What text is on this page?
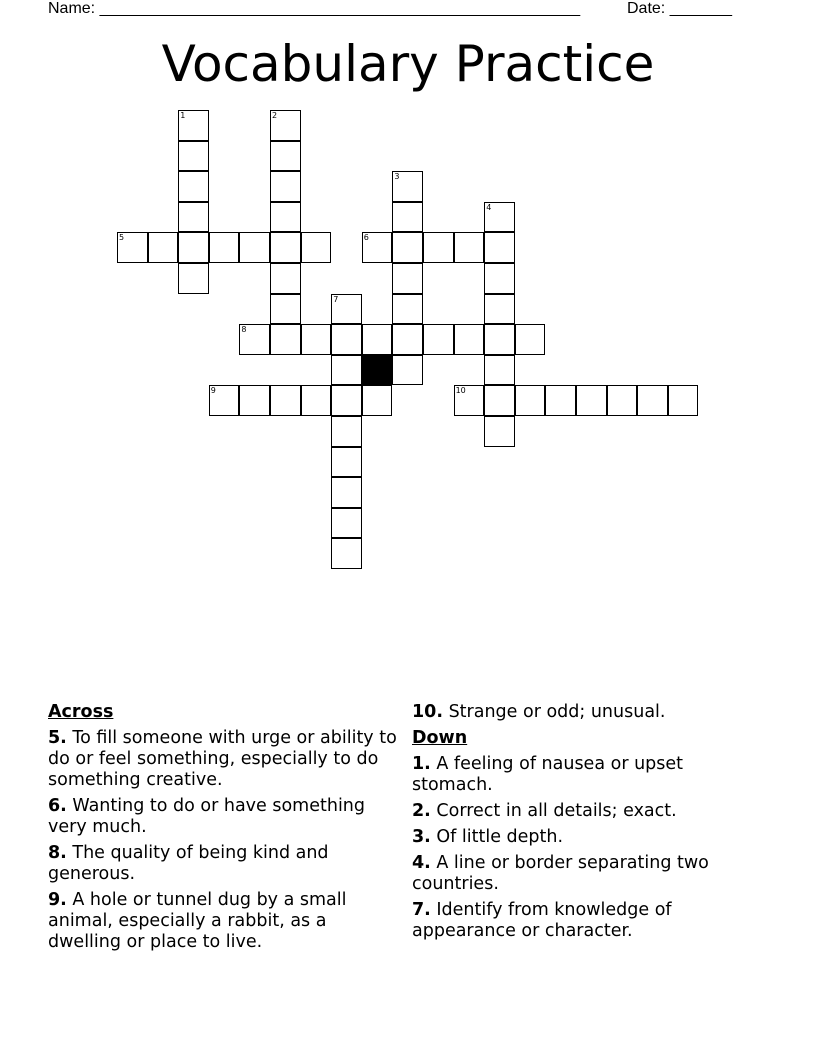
Name: ______________________________________________________	Date: _______
Vocabulary Practice
1	2
3
4
5	6
7
8
9	10
Across
5. To fill someone with urge or ability to do or feel something, especially to do something creative.
6. Wanting to do or have something very much.
8. The quality of being kind and generous.
9. A hole or tunnel dug by a small animal, especially a rabbit, as a dwelling or place to live.
10. Strange or odd; unusual.
Down
1. A feeling of nausea or upset stomach.
2. Correct in all details; exact.
3. Of little depth.
4. A line or border separating two countries.
7. Identify from knowledge of appearance or character.
